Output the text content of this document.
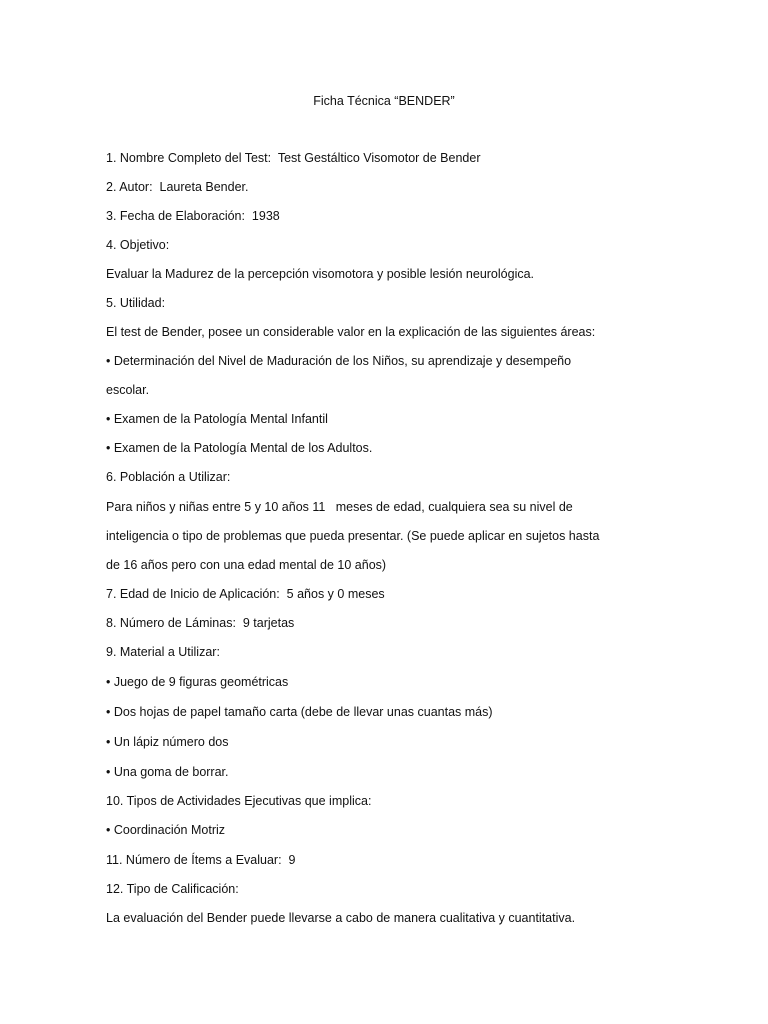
Ficha Técnica “BENDER”

1. Nombre Completo del Test:  Test Gestáltico Visomotor de Bender

2. Autor:  Laureta Bender.

3. Fecha de Elaboración:  1938

4. Objetivo:

Evaluar la Madurez de la percepción visomotora y posible lesión neurológica.

5. Utilidad:

El test de Bender, posee un considerable valor en la explicación de las siguientes áreas:

• Determinación del Nivel de Maduración de los Niños, su aprendizaje y desempeño

escolar.

• Examen de la Patología Mental Infantil

• Examen de la Patología Mental de los Adultos.

6. Población a Utilizar:

Para niños y niñas entre 5 y 10 años 11   meses de edad, cualquiera sea su nivel de

inteligencia o tipo de problemas que pueda presentar. (Se puede aplicar en sujetos hasta

de 16 años pero con una edad mental de 10 años)

7. Edad de Inicio de Aplicación:  5 años y 0 meses

8. Número de Láminas:  9 tarjetas

9. Material a Utilizar:

• Juego de 9 figuras geométricas

• Dos hojas de papel tamaño carta (debe de llevar unas cuantas más)

• Un lápiz número dos

• Una goma de borrar.

10. Tipos de Actividades Ejecutivas que implica:

• Coordinación Motriz

11. Número de Ítems a Evaluar:  9

12. Tipo de Calificación:

La evaluación del Bender puede llevarse a cabo de manera cualitativa y cuantitativa.
